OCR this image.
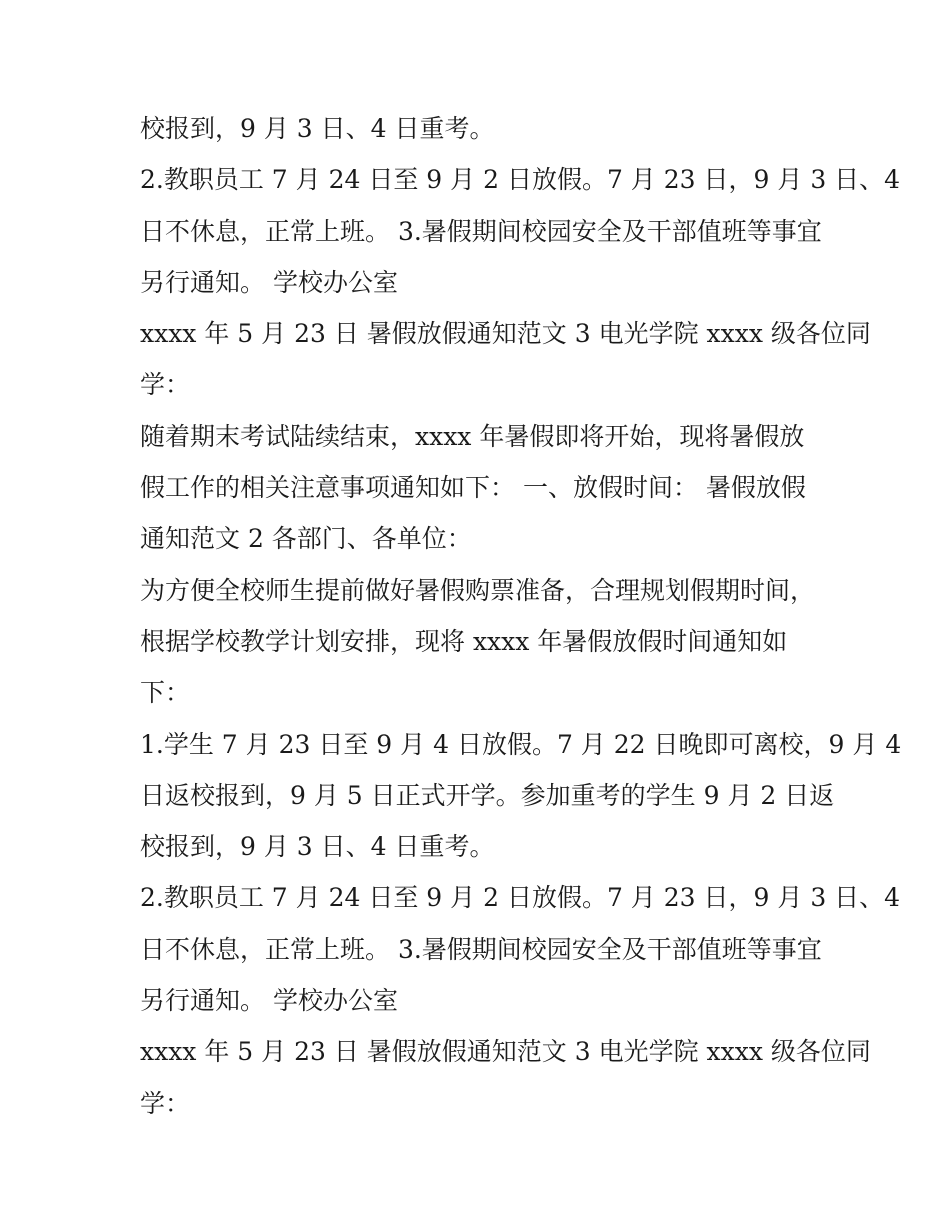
校报到，9 月 3 日、4 日重考。
2.教职员工 7 月 24 日至 9 月 2 日放假。7 月 23 日，9 月 3 日、4
日不休息，正常上班。 3.暑假期间校园安全及干部值班等事宜
另行通知。 学校办公室
xxxx 年 5 月 23 日 暑假放假通知范文 3 电光学院 xxxx 级各位同
学：
随着期末考试陆续结束，xxxx 年暑假即将开始，现将暑假放
假工作的相关注意事项通知如下： 一、放假时间： 暑假放假
通知范文 2 各部门、各单位：
为方便全校师生提前做好暑假购票准备，合理规划假期时间，
根据学校教学计划安排，现将 xxxx 年暑假放假时间通知如
下：
1.学生 7 月 23 日至 9 月 4 日放假。7 月 22 日晚即可离校，9 月 4
日返校报到，9 月 5 日正式开学。参加重考的学生 9 月 2 日返
校报到，9 月 3 日、4 日重考。
2.教职员工 7 月 24 日至 9 月 2 日放假。7 月 23 日，9 月 3 日、4
日不休息，正常上班。 3.暑假期间校园安全及干部值班等事宜
另行通知。 学校办公室
xxxx 年 5 月 23 日 暑假放假通知范文 3 电光学院 xxxx 级各位同
学：
